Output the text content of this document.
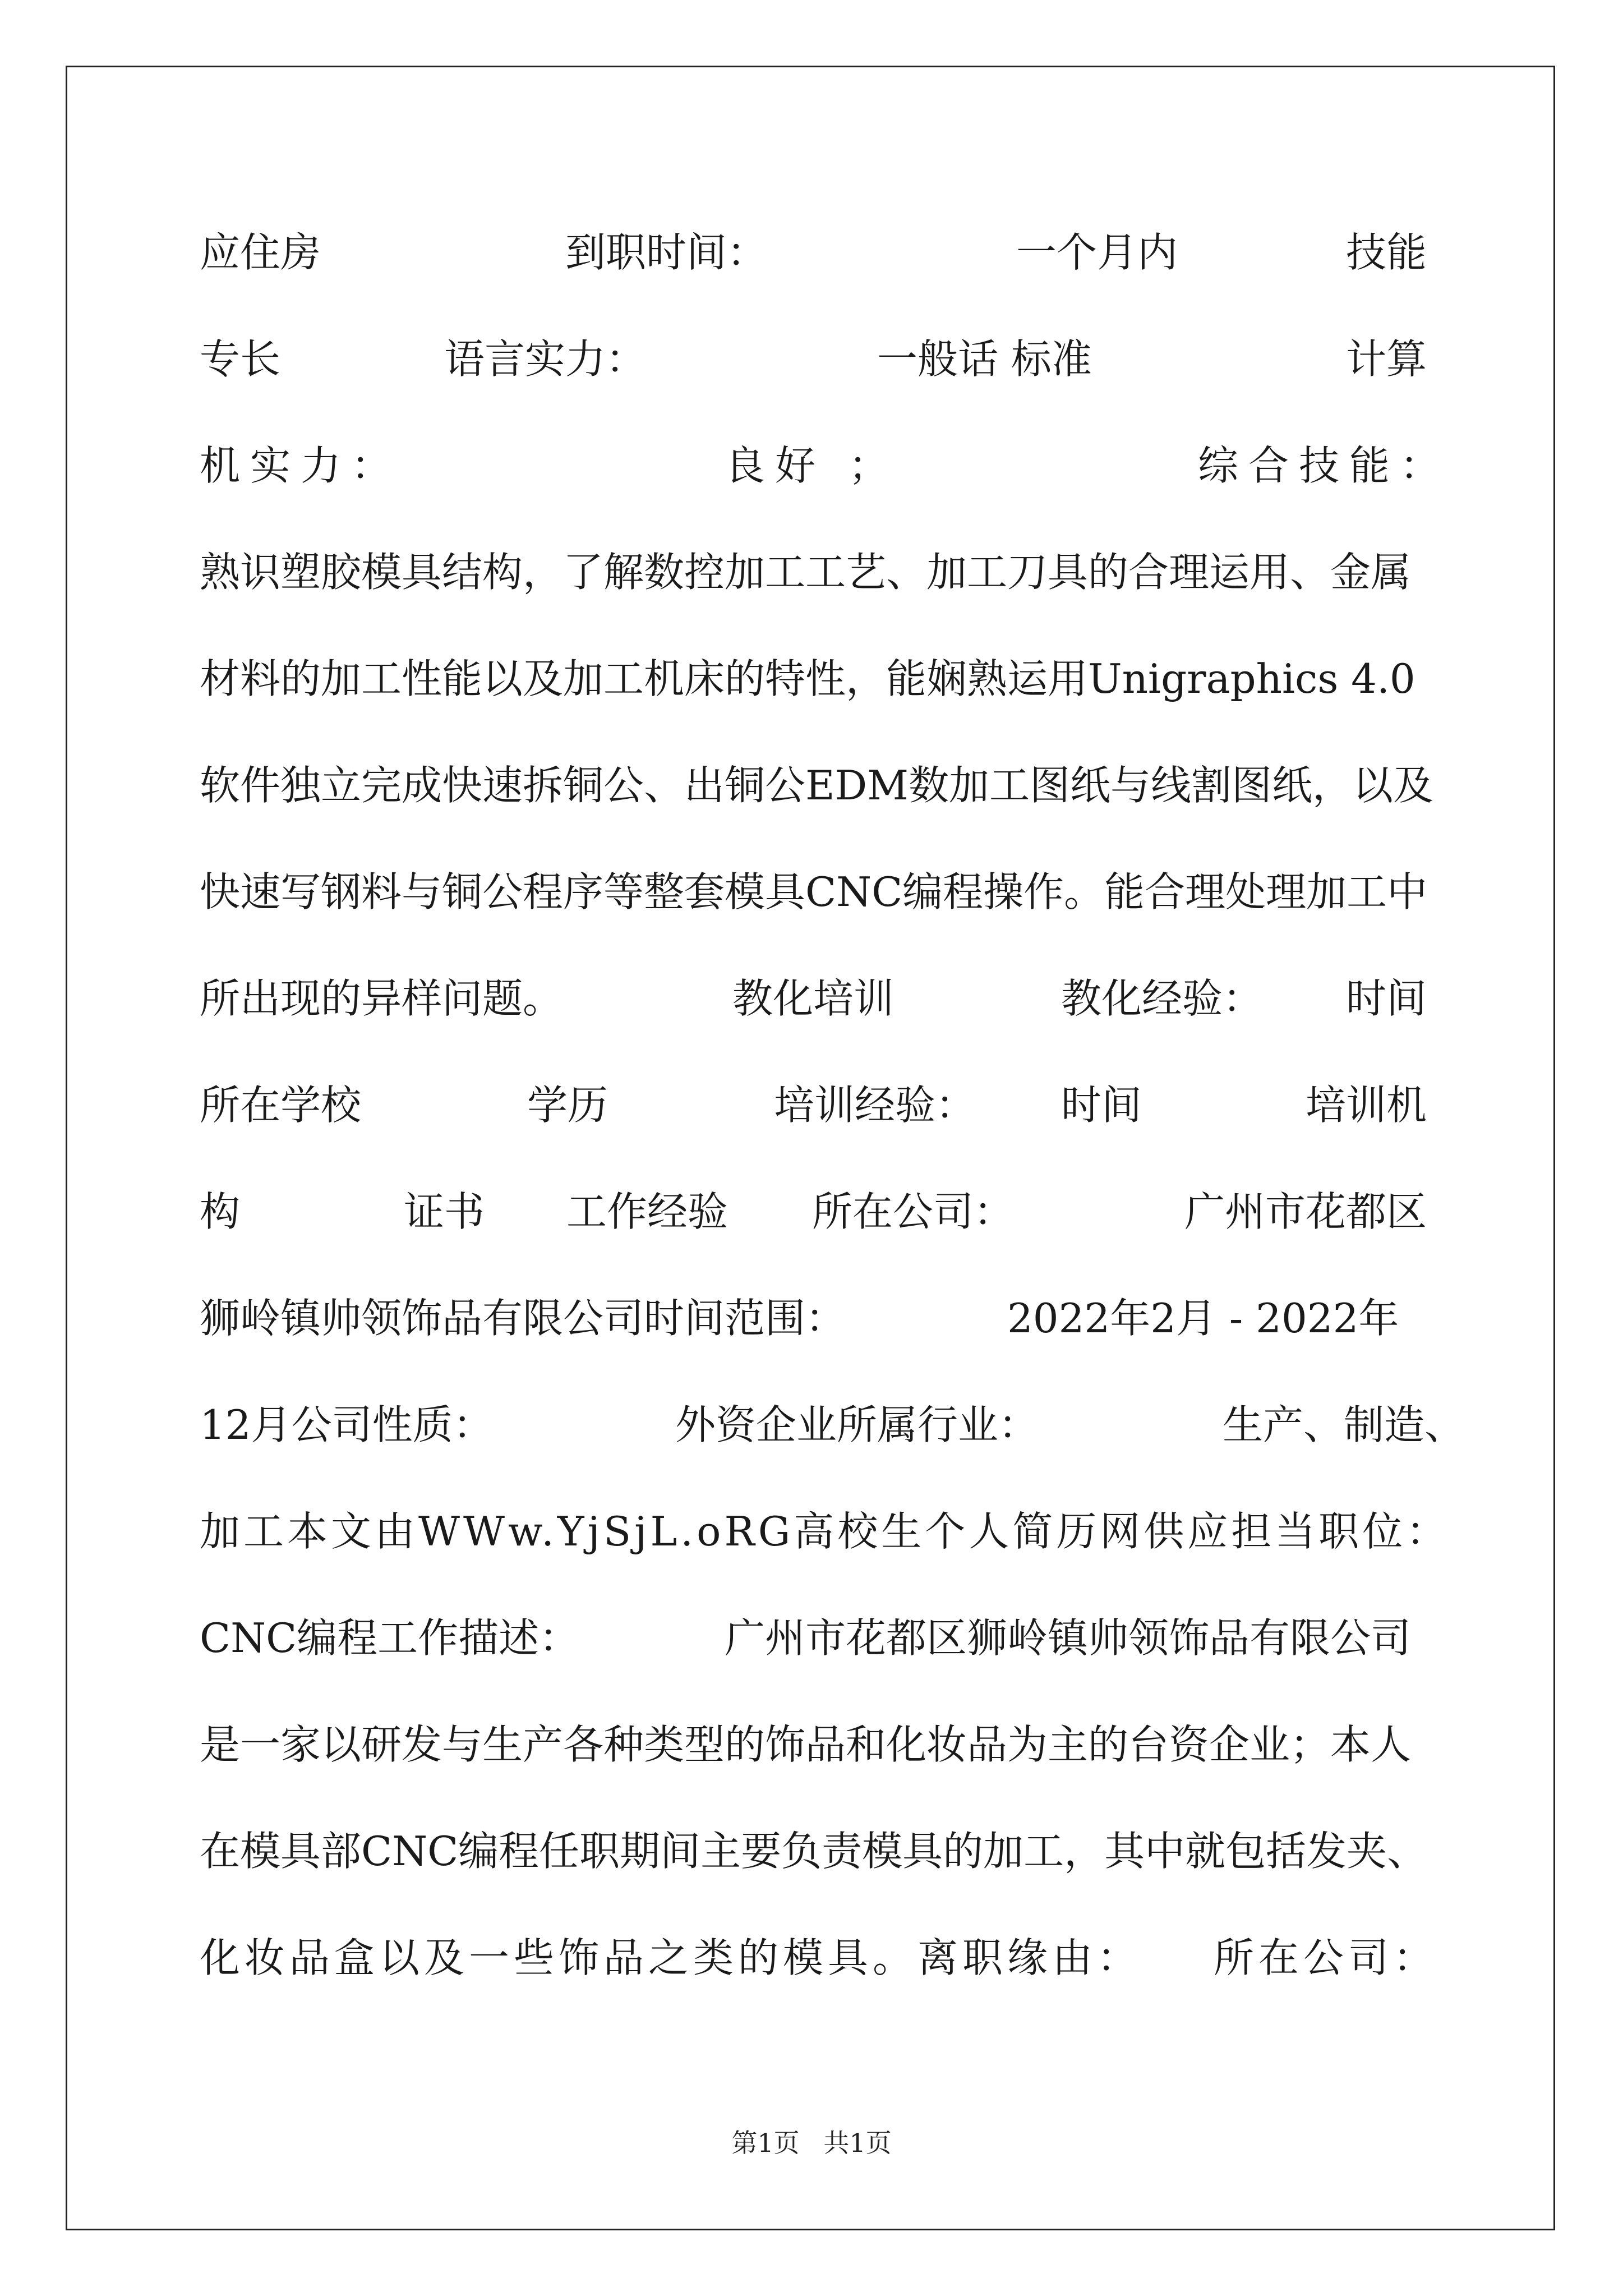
应住房	到职时间：	一个月内	技能
专长	语言实力：	一般话 标准	计算
机实力：	良好 ；	综合技能：
熟识塑胶模具结构，了解数控加工工艺、加工刀具的合理运用、金属
材料的加工性能以及加工机床的特性，能娴熟运用Unigraphics 4.0
软件独立完成快速拆铜公、出铜公EDM数加工图纸与线割图纸，以及
快速写钢料与铜公程序等整套模具CNC编程操作。能合理处理加工中
所出现的异样问题。	教化培训	教化经验： 时间
所在学校	学历	培训经验： 时间	培训机
构	证书 工作经验 所在公司：	广州市花都区
狮岭镇帅领饰品有限公司时间范围：	2022年2月 - 2022年
12月公司性质：	外资企业所属行业：	生产、制造、
加工本文由WWw.YjSjL.oRG高校生个人简历网供应担当职位：
CNC编程工作描述：	广州市花都区狮岭镇帅领饰品有限公司
是一家以研发与生产各种类型的饰品和化妆品为主的台资企业；本人
在模具部CNC编程任职期间主要负责模具的加工，其中就包括发夹、
化妆品盒以及一些饰品之类的模具。离职缘由： 所在公司：
第1页 共1页
